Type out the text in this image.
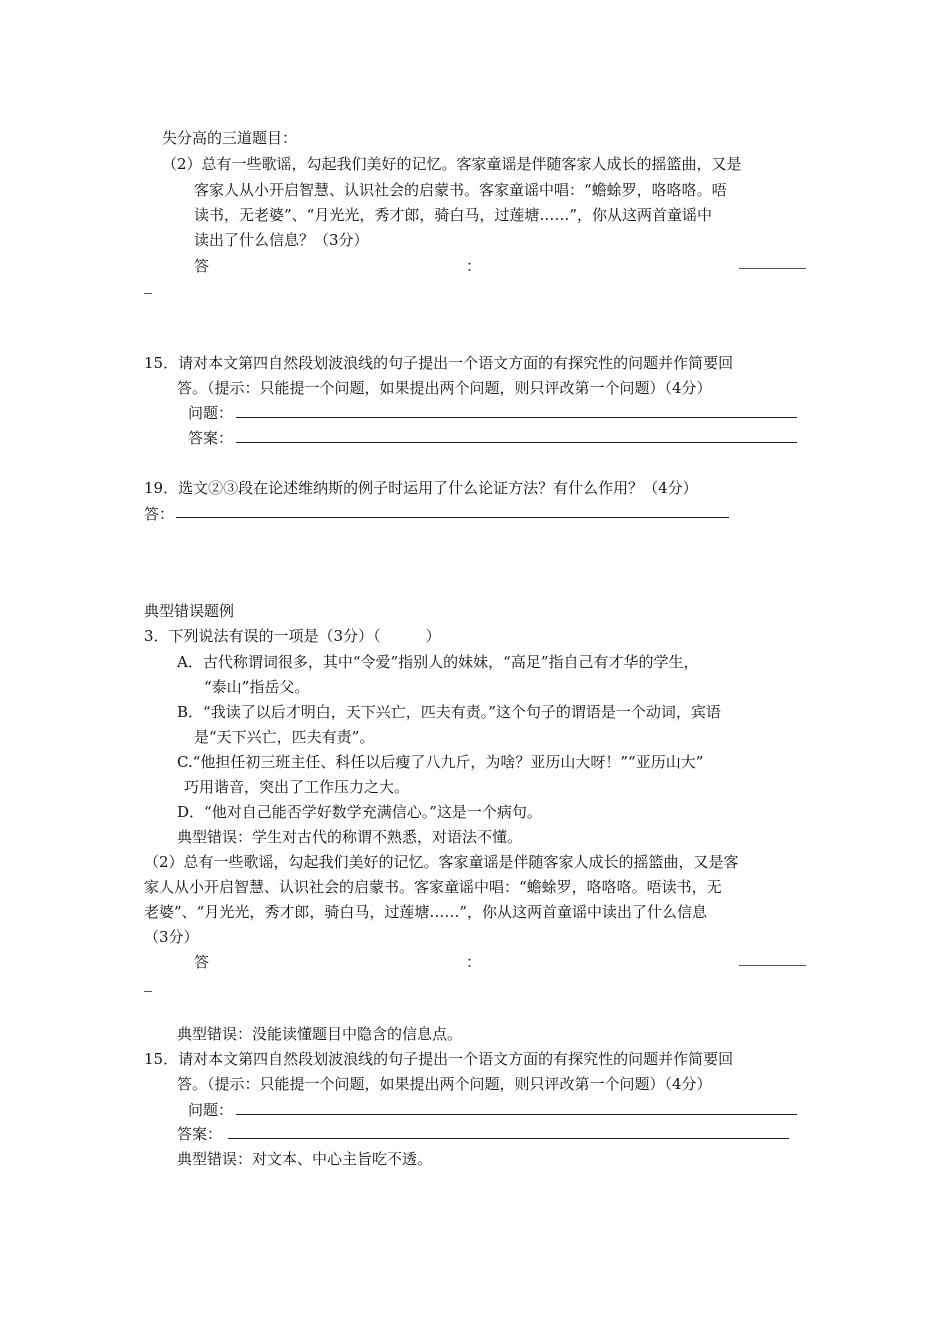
失分高的三道题目：
（2）总有一些歌谣，勾起我们美好的记忆。客家童谣是伴随客家人成长的摇篮曲，又是
客家人从小开启智慧、认识社会的启蒙书。客家童谣中唱：“蟾蜍罗，咯咯咯。唔
读书，无老婆”、“月光光，秀才郎，骑白马，过莲塘……”，你从这两首童谣中
读出了什么信息？（3分）
答	：
15．请对本文第四自然段划波浪线的句子提出一个语文方面的有探究性的问题并作简要回
答。（提示：只能提一个问题，如果提出两个问题，则只评改第一个问题）（4分）
问题：
答案：
19．选文②③段在论述维纳斯的例子时运用了什么论证方法？有什么作用？（4分）
答：
典型错误题例
3．下列说法有误的一项是（3分）（　　　）
A．古代称谓词很多，其中“令爱”指别人的妹妹，“高足”指自己有才华的学生，
“泰山”指岳父。
B．“我读了以后才明白，天下兴亡，匹夫有责。”这个句子的谓语是一个动词，宾语
是“天下兴亡，匹夫有责”。
C.“他担任初三班主任、科任以后瘦了八九斤，为啥？亚历山大呀！”“亚历山大”
巧用谐音，突出了工作压力之大。
D．“他对自己能否学好数学充满信心。”这是一个病句。
典型错误：学生对古代的称谓不熟悉，对语法不懂。
（2）总有一些歌谣，勾起我们美好的记忆。客家童谣是伴随客家人成长的摇篮曲，又是客
家人从小开启智慧、认识社会的启蒙书。客家童谣中唱：“蟾蜍罗，咯咯咯。唔读书，无
老婆”、“月光光，秀才郎，骑白马，过莲塘……”，你从这两首童谣中读出了什么信息
（3分）
答	：
典型错误：没能读懂题目中隐含的信息点。
15．请对本文第四自然段划波浪线的句子提出一个语文方面的有探究性的问题并作简要回
答。（提示：只能提一个问题，如果提出两个问题，则只评改第一个问题）（4分）
问题：
答案：
典型错误：对文本、中心主旨吃不透。
